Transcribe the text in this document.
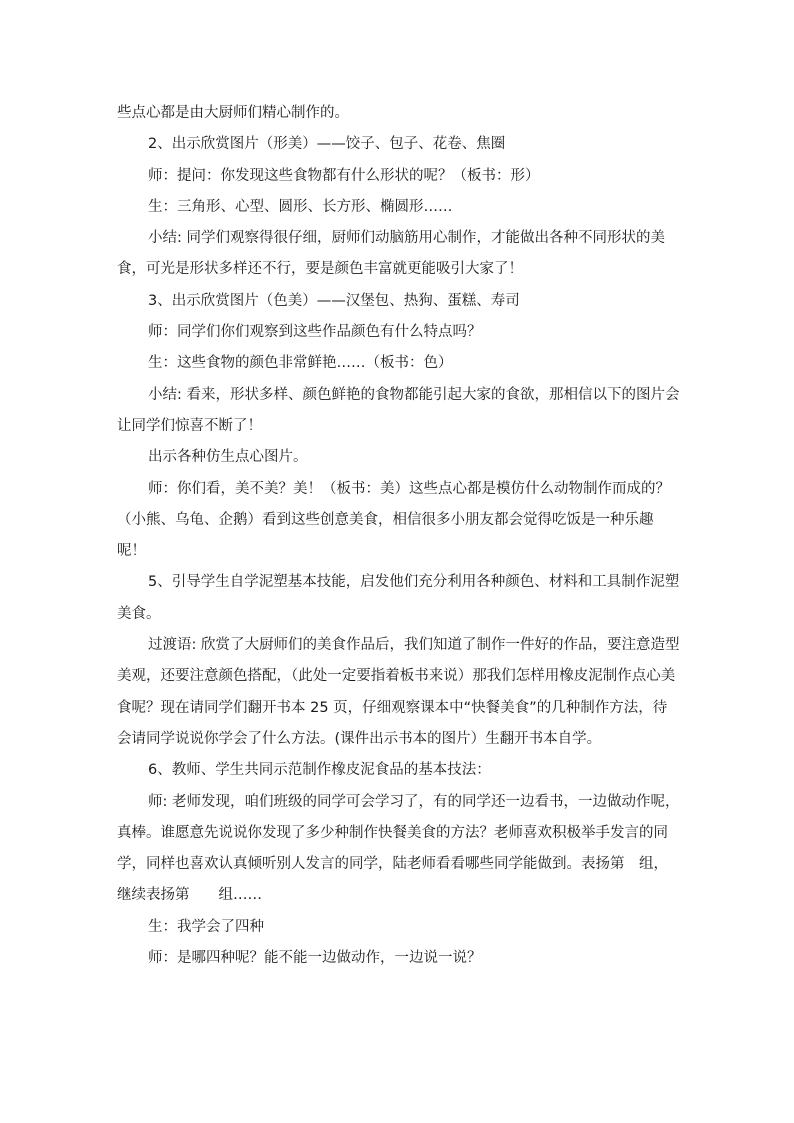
些点心都是由大厨师们精心制作的。

2、出示欣赏图片（形美）——饺子、包子、花卷、焦圈

师：提问：你发现这些食物都有什么形状的呢？（板书：形）

生：三角形、心型、圆形、长方形、椭圆形……

小结: 同学们观察得很仔细，厨师们动脑筋用心制作，才能做出各种不同形状的美食，可光是形状多样还不行，要是颜色丰富就更能吸引大家了！

3、出示欣赏图片（色美）——汉堡包、热狗、蛋糕、寿司

师：同学们你们观察到这些作品颜色有什么特点吗？

生：这些食物的颜色非常鲜艳……（板书：色）

小结: 看来，形状多样、颜色鲜艳的食物都能引起大家的食欲，那相信以下的图片会让同学们惊喜不断了！

出示各种仿生点心图片。

师：你们看，美不美？美！（板书：美）这些点心都是模仿什么动物制作而成的？（小熊、乌龟、企鹅）看到这些创意美食，相信很多小朋友都会觉得吃饭是一种乐趣呢！

5、引导学生自学泥塑基本技能，启发他们充分利用各种颜色、材料和工具制作泥塑美食。

过渡语: 欣赏了大厨师们的美食作品后，我们知道了制作一件好的作品，要注意造型美观，还要注意颜色搭配，（此处一定要指着板书来说）那我们怎样用橡皮泥制作点心美食呢？现在请同学们翻开书本 25 页，仔细观察课本中“快餐美食”的几种制作方法，待会请同学说说你学会了什么方法。(课件出示书本的图片）生翻开书本自学。

6、教师、学生共同示范制作橡皮泥食品的基本技法：

师: 老师发现，咱们班级的同学可会学习了，有的同学还一边看书，一边做动作呢，真棒。谁愿意先说说你发现了多少种制作快餐美食的方法？老师喜欢积极举手发言的同学，同样也喜欢认真倾听别人发言的同学，陆老师看看哪些同学能做到。表扬第　组，继续表扬第　　组……

生：我学会了四种

师：是哪四种呢？能不能一边做动作，一边说一说？
